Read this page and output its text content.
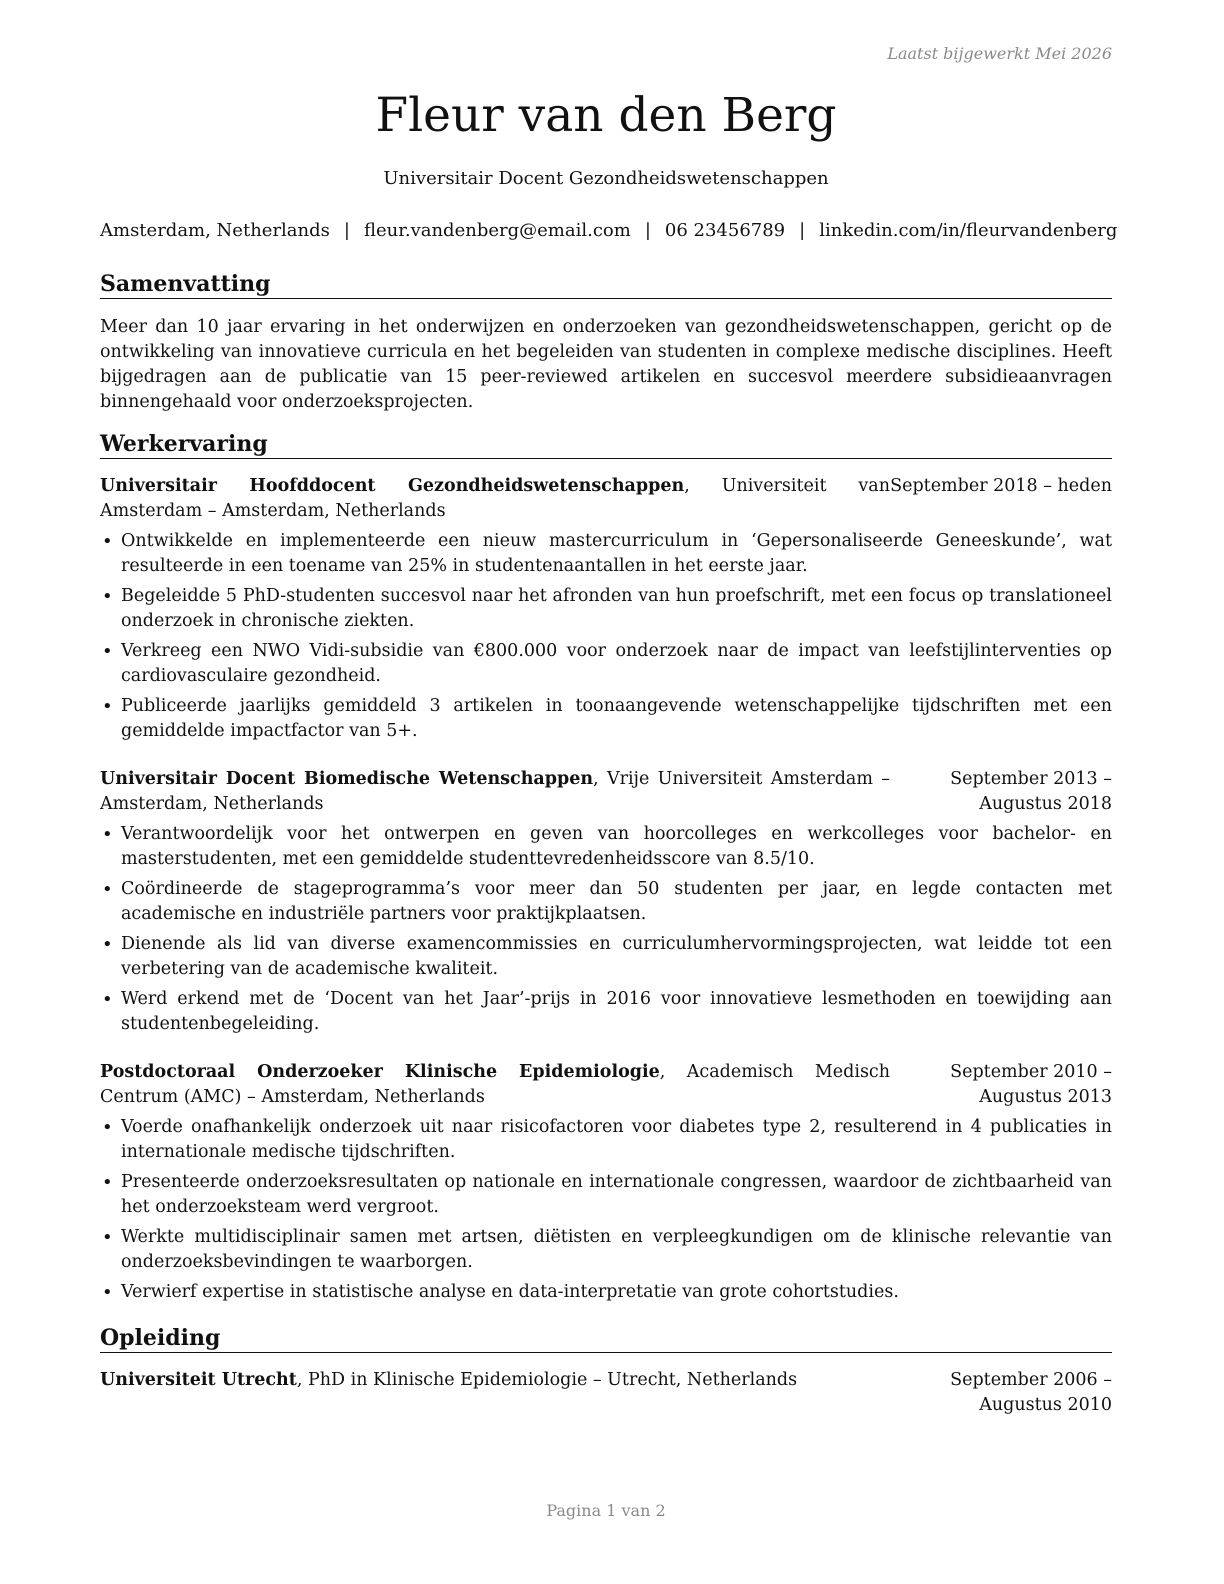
Laatst bijgewerkt Mei 2026
Fleur van den Berg
Universitair Docent Gezondheidswetenschappen
Amsterdam, Netherlands | fleur.vandenberg@email.com | 06 23456789 | linkedin.com/in/fleurvandenberg
Samenvatting
Meer dan 10 jaar ervaring in het onderwijzen en onderzoeken van gezondheidswetenschappen, gericht op de ontwikkeling van innovatieve curricula en het begeleiden van studenten in complexe medische disciplines. Heeft bijgedragen aan de publicatie van 15 peer-reviewed artikelen en succesvol meerdere subsidieaanvragen binnengehaald voor onderzoeksprojecten.
Werkervaring
Universitair Hoofddocent Gezondheidswetenschappen, Universiteit van Amsterdam – Amsterdam, Netherlands
September 2018 – heden
• Ontwikkelde en implementeerde een nieuw mastercurriculum in ‘Gepersonaliseerde Geneeskunde’, wat resulteerde in een toename van 25% in studentenaantallen in het eerste jaar.
• Begeleidde 5 PhD-studenten succesvol naar het afronden van hun proefschrift, met een focus op translationeel onderzoek in chronische ziekten.
• Verkreeg een NWO Vidi-subsidie van €800.000 voor onderzoek naar de impact van leefstijlinterventies op cardiovasculaire gezondheid.
• Publiceerde jaarlijks gemiddeld 3 artikelen in toonaangevende wetenschappelijke tijdschriften met een gemiddelde impactfactor van 5+.
Universitair Docent Biomedische Wetenschappen, Vrije Universiteit Amsterdam – Amsterdam, Netherlands
September 2013 – Augustus 2018
• Verantwoordelijk voor het ontwerpen en geven van hoorcolleges en werkcolleges voor bachelor- en masterstudenten, met een gemiddelde studenttevredenheidsscore van 8.5/10.
• Coördineerde de stageprogramma’s voor meer dan 50 studenten per jaar, en legde contacten met academische en industriële partners voor praktijkplaatsen.
• Dienende als lid van diverse examencommissies en curriculumhervormingsprojecten, wat leidde tot een verbetering van de academische kwaliteit.
• Werd erkend met de ‘Docent van het Jaar’-prijs in 2016 voor innovatieve lesmethoden en toewijding aan studentenbegeleiding.
Postdoctoraal Onderzoeker Klinische Epidemiologie, Academisch Medisch Centrum (AMC) – Amsterdam, Netherlands
September 2010 – Augustus 2013
• Voerde onafhankelijk onderzoek uit naar risicofactoren voor diabetes type 2, resulterend in 4 publicaties in internationale medische tijdschriften.
• Presenteerde onderzoeksresultaten op nationale en internationale congressen, waardoor de zichtbaarheid van het onderzoeksteam werd vergroot.
• Werkte multidisciplinair samen met artsen, diëtisten en verpleegkundigen om de klinische relevantie van onderzoeksbevindingen te waarborgen.
• Verwierf expertise in statistische analyse en data-interpretatie van grote cohortstudies.
Opleiding
Universiteit Utrecht, PhD in Klinische Epidemiologie – Utrecht, Netherlands	September 2006 – Augustus 2010
Pagina 1 van 2
